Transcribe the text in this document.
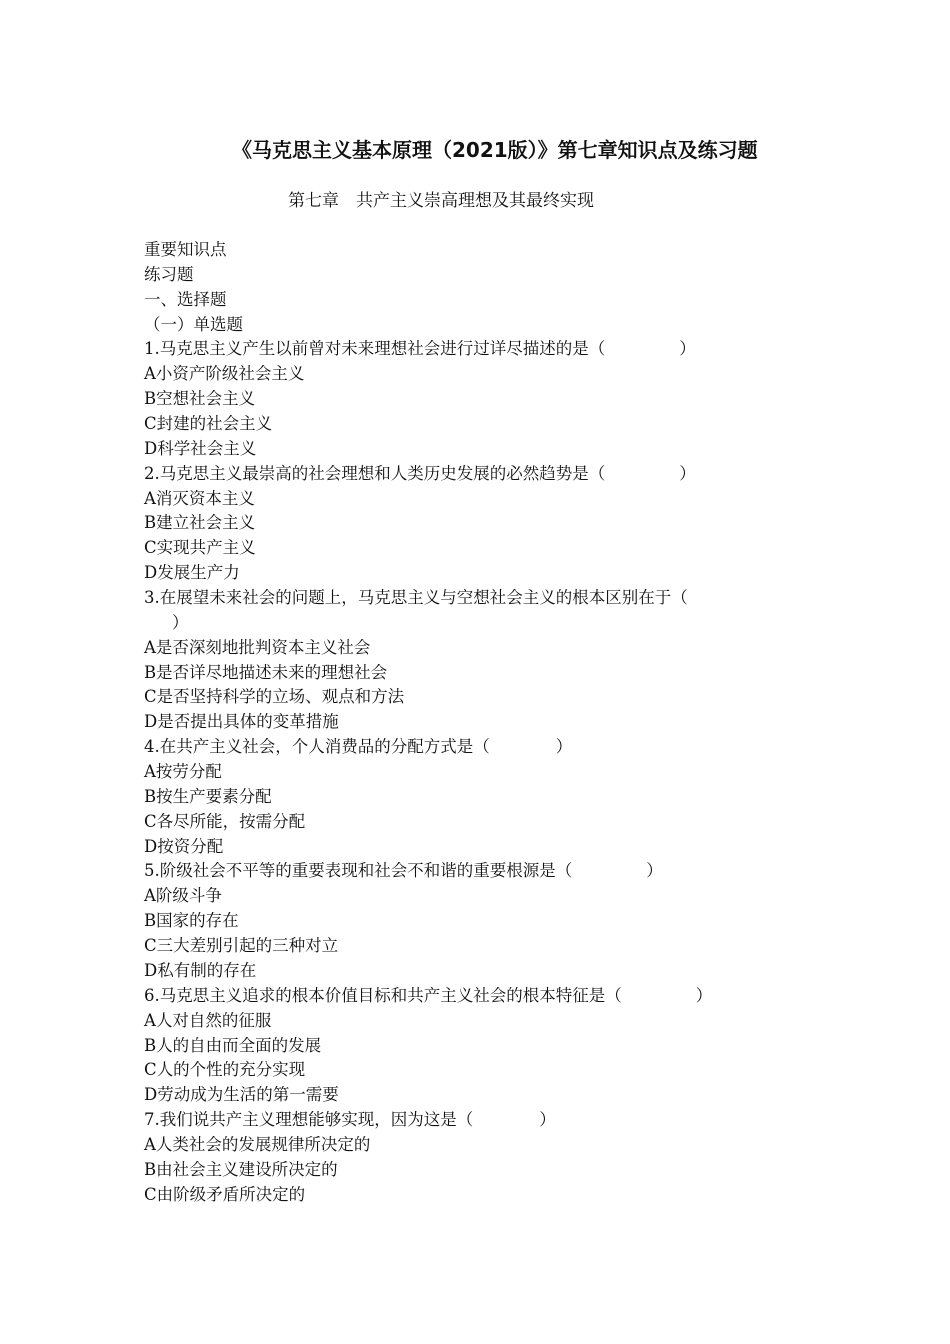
《马克思主义基本原理（2021版）》第七章知识点及练习题
第七章　共产主义崇高理想及其最终实现
重要知识点
练习题
一、选择题
（一）单选题
1.马克思主义产生以前曾对未来理想社会进行过详尽描述的是（	）
A小资产阶级社会主义
B空想社会主义
C封建的社会主义
D科学社会主义
2.马克思主义最崇高的社会理想和人类历史发展的必然趋势是（	）
A消灭资本主义
B建立社会主义
C实现共产主义
D发展生产力
3.在展望未来社会的问题上，马克思主义与空想社会主义的根本区别在于（
）
A是否深刻地批判资本主义社会
B是否详尽地描述未来的理想社会
C是否坚持科学的立场、观点和方法
D是否提出具体的变革措施
4.在共产主义社会，个人消费品的分配方式是（	）
A按劳分配
B按生产要素分配
C各尽所能，按需分配
D按资分配
5.阶级社会不平等的重要表现和社会不和谐的重要根源是（	）
A阶级斗争
B国家的存在
C三大差别引起的三种对立
D私有制的存在
6.马克思主义追求的根本价值目标和共产主义社会的根本特征是（	）
A人对自然的征服
B人的自由而全面的发展
C人的个性的充分实现
D劳动成为生活的第一需要
7.我们说共产主义理想能够实现，因为这是（	）
A人类社会的发展规律所决定的
B由社会主义建设所决定的
C由阶级矛盾所决定的
